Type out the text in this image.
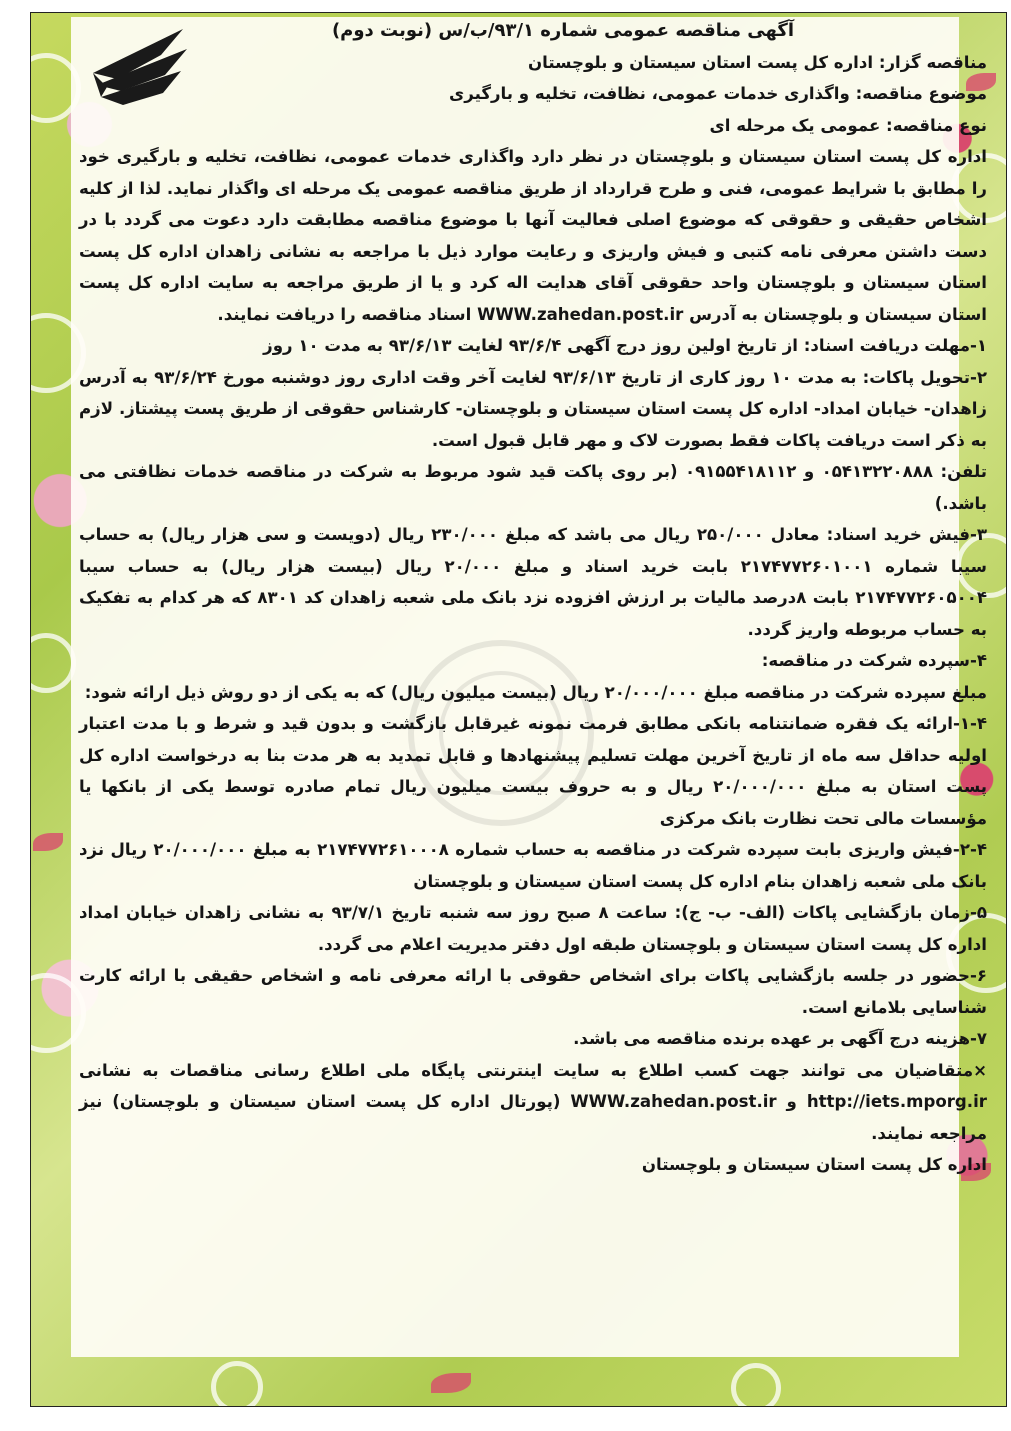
آگهی مناقصه عمومی شماره ۹۳/۱/ب/س (نوبت دوم)

مناقصه گزار: اداره کل پست استان سیستان و بلوچستان

موضوع مناقصه: واگذاری خدمات عمومی، نظافت، تخلیه و بارگیری

نوع مناقصه: عمومی یک مرحله ای

اداره کل پست استان سیستان و بلوچستان در نظر دارد واگذاری خدمات عمومی، نظافت، تخلیه و بارگیری خود را مطابق با شرایط عمومی، فنی و طرح قرارداد از طریق مناقصه عمومی یک مرحله ای واگذار نماید. لذا از کلیه اشخاص حقیقی و حقوقی که موضوع اصلی فعالیت آنها با موضوع مناقصه مطابقت دارد دعوت می گردد با در دست داشتن معرفی نامه کتبی و فیش واریزی و رعایت موارد ذیل با مراجعه به نشانی زاهدان اداره کل پست استان سیستان و بلوچستان واحد حقوقی آقای هدایت اله کرد و یا از طریق مراجعه به سایت اداره کل پست استان سیستان و بلوچستان به آدرس WWW.zahedan.post.ir اسناد مناقصه را دریافت نمایند.

۱-مهلت دریافت اسناد: از تاریخ اولین روز درج آگهی ۹۳/۶/۴ لغایت ۹۳/۶/۱۳ به مدت ۱۰ روز

۲-تحویل پاکات: به مدت ۱۰ روز کاری از تاریخ ۹۳/۶/۱۳ لغایت آخر وقت اداری روز دوشنبه مورخ ۹۳/۶/۲۴ به آدرس زاهدان- خیابان امداد- اداره کل پست استان سیستان و بلوچستان- کارشناس حقوقی از طریق پست پیشتاز. لازم به ذکر است دریافت پاکات فقط بصورت لاک و مهر قابل قبول است.

تلفن: ۰۵۴۱۳۲۲۰۸۸۸ و ۰۹۱۵۵۴۱۸۱۱۲ (بر روی پاکت قید شود مربوط به شرکت در مناقصه خدمات نظافتی می باشد.)

۳-فیش خرید اسناد: معادل ۲۵۰/۰۰۰ ریال می باشد که مبلغ ۲۳۰/۰۰۰ ریال (دویست و سی هزار ریال) به حساب سیبا شماره ۲۱۷۴۷۷۲۶۰۱۰۰۱ بابت خرید اسناد و مبلغ ۲۰/۰۰۰ ریال (بیست هزار ریال) به حساب سیبا ۲۱۷۴۷۷۲۶۰۵۰۰۴ بابت ۸درصد مالیات بر ارزش افزوده نزد بانک ملی شعبه زاهدان کد ۸۳۰۱ که هر کدام به تفکیک به حساب مربوطه واریز گردد.

۴-سپرده شرکت در مناقصه:

مبلغ سپرده شرکت در مناقصه مبلغ ۲۰/۰۰۰/۰۰۰ ریال (بیست میلیون ریال) که به یکی از دو روش ذیل ارائه شود:

۱-۴-ارائه یک فقره ضمانتنامه بانکی مطابق فرمت نمونه غیرقابل بازگشت و بدون قید و شرط و با مدت اعتبار اولیه حداقل سه ماه از تاریخ آخرین مهلت تسلیم پیشنهادها و قابل تمدید به هر مدت بنا به درخواست اداره کل پست استان به مبلغ ۲۰/۰۰۰/۰۰۰ ریال و به حروف بیست میلیون ریال تمام صادره توسط یکی از بانکها یا مؤسسات مالی تحت نظارت بانک مرکزی

۲-۴-فیش واریزی بابت سپرده شرکت در مناقصه به حساب شماره ۲۱۷۴۷۷۲۶۱۰۰۰۸ به مبلغ ۲۰/۰۰۰/۰۰۰ ریال نزد بانک ملی شعبه زاهدان بنام اداره کل پست استان سیستان و بلوچستان

۵-زمان بازگشایی پاکات (الف- ب- ج): ساعت ۸ صبح روز سه شنبه تاریخ ۹۳/۷/۱ به نشانی زاهدان خیابان امداد اداره کل پست استان سیستان و بلوچستان طبقه اول دفتر مدیریت اعلام می گردد.

۶-حضور در جلسه بازگشایی پاکات برای اشخاص حقوقی با ارائه معرفی نامه و اشخاص حقیقی با ارائه کارت شناسایی بلامانع است.

۷-هزینه درج آگهی بر عهده برنده مناقصه می باشد.

×متقاضیان می توانند جهت کسب اطلاع به سایت اینترنتی پایگاه ملی اطلاع رسانی مناقصات به نشانی http://iets.mporg.ir و WWW.zahedan.post.ir (پورتال اداره کل پست استان سیستان و بلوچستان) نیز مراجعه نمایند.

اداره کل پست استان سیستان و بلوچستان
